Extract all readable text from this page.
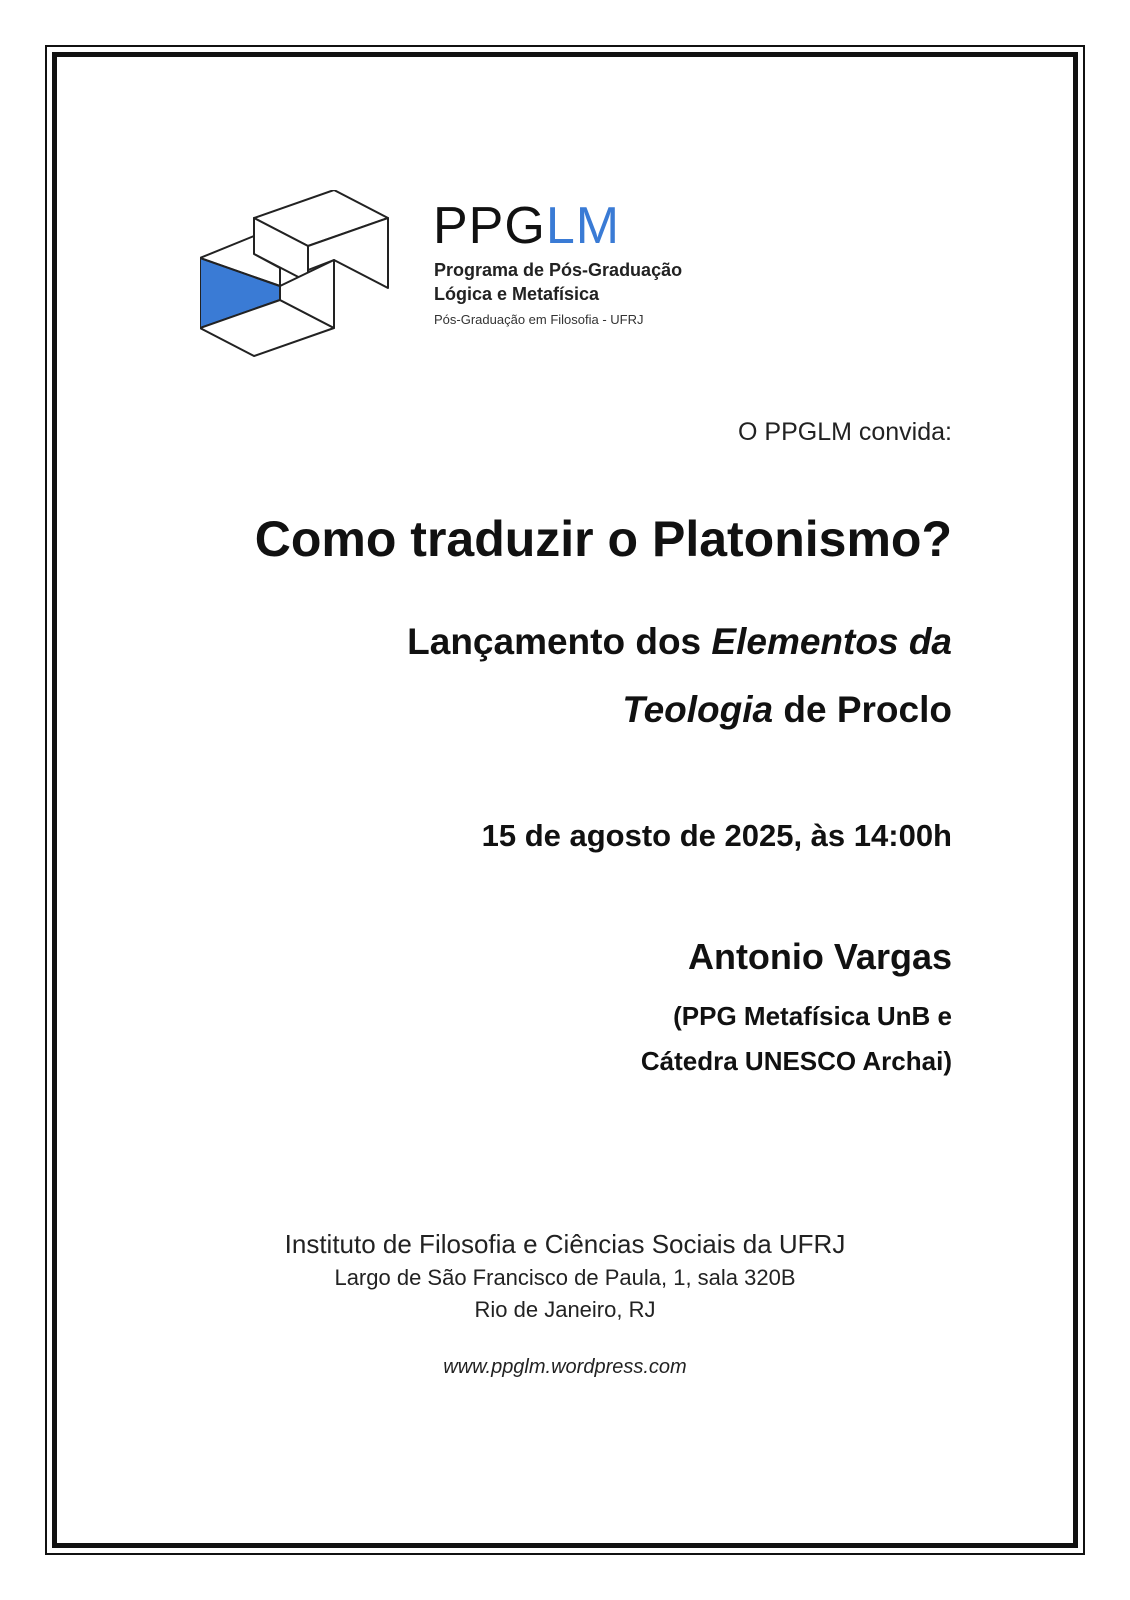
PPGLM
Programa de Pós-Graduação
Lógica e Metafísica
Pós-Graduação em Filosofia - UFRJ
O PPGLM convida:
Como traduzir o Platonismo?
Lançamento dos Elementos da
Teologia de Proclo
15 de agosto de 2025, às 14:00h
Antonio Vargas
(PPG Metafísica UnB e
Cátedra UNESCO Archai)
Instituto de Filosofia e Ciências Sociais da UFRJ
Largo de São Francisco de Paula, 1, sala 320B
Rio de Janeiro, RJ
www.ppglm.wordpress.com
